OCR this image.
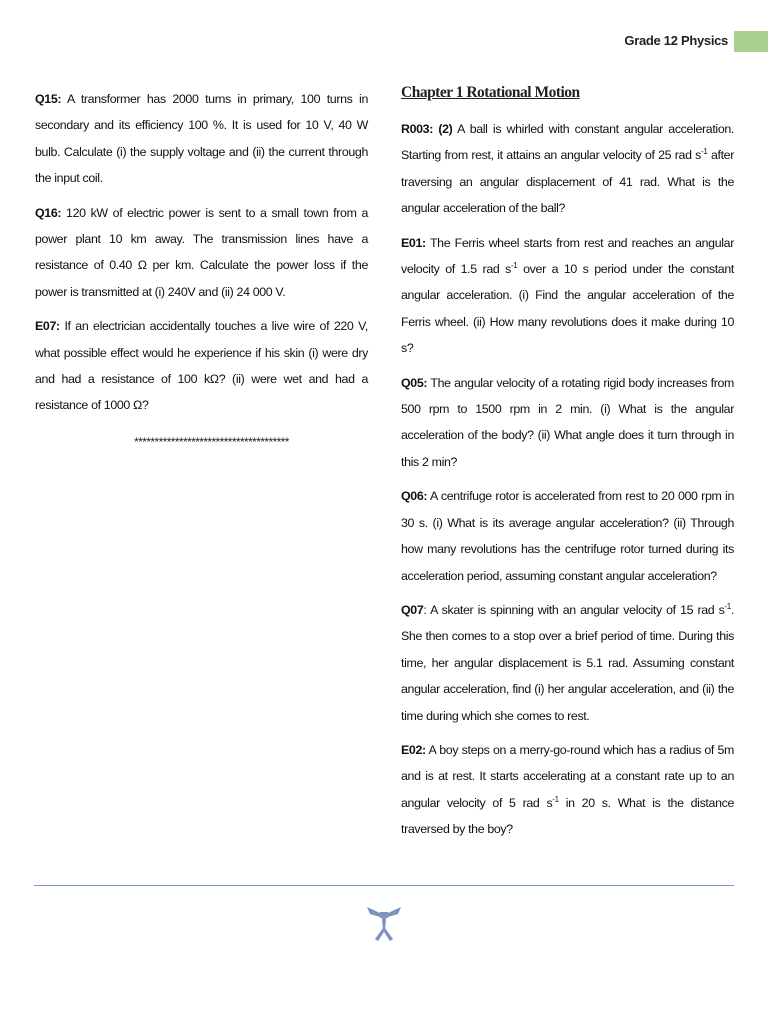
Grade 12 Physics

Q15: A transformer has 2000 turns in primary, 100 turns in secondary and its efficiency 100 %. It is used for 10 V, 40 W bulb. Calculate (i) the supply voltage and (ii) the current through the input coil.

Q16: 120 kW of electric power is sent to a small town from a power plant 10 km away. The transmission lines have a resistance of 0.40 Ω per km. Calculate the power loss if the power is transmitted at (i) 240V and (ii) 24 000 V.

E07: If an electrician accidentally touches a live wire of 220 V, what possible effect would he experience if his skin (i) were dry and had a resistance of 100 kΩ? (ii) were wet and had a resistance of 1000 Ω?

**************************************
Chapter 1 Rotational Motion

R003: (2) A ball is whirled with constant angular acceleration. Starting from rest, it attains an angular velocity of 25 rad $s^{-1}$ after traversing an angular displacement of 41 rad. What is the angular acceleration of the ball?

E01: The Ferris wheel starts from rest and reaches an angular velocity of 1.5 rad $s^{-1}$ over a 10 s period under the constant angular acceleration. (i) Find the angular acceleration of the Ferris wheel. (ii) How many revolutions does it make during 10 s?

Q05: The angular velocity of a rotating rigid body increases from 500 rpm to 1500 rpm in 2 min. (i) What is the angular acceleration of the body? (ii) What angle does it turn through in this 2 min?

Q06: A centrifuge rotor is accelerated from rest to 20 000 rpm in 30 s. (i) What is its average angular acceleration? (ii) Through how many revolutions has the centrifuge rotor turned during its acceleration period, assuming constant angular acceleration?

Q07: A skater is spinning with an angular velocity of 15 rad $s^{-1}$. She then comes to a stop over a brief period of time. During this time, her angular displacement is 5.1 rad. Assuming constant angular acceleration, find (i) her angular acceleration, and (ii) the time during which she comes to rest.

E02: A boy steps on a merry-go-round which has a radius of 5m and is at rest. It starts accelerating at a constant rate up to an angular velocity of 5 rad $s^{-1}$ in 20 s. What is the distance traversed by the boy?
